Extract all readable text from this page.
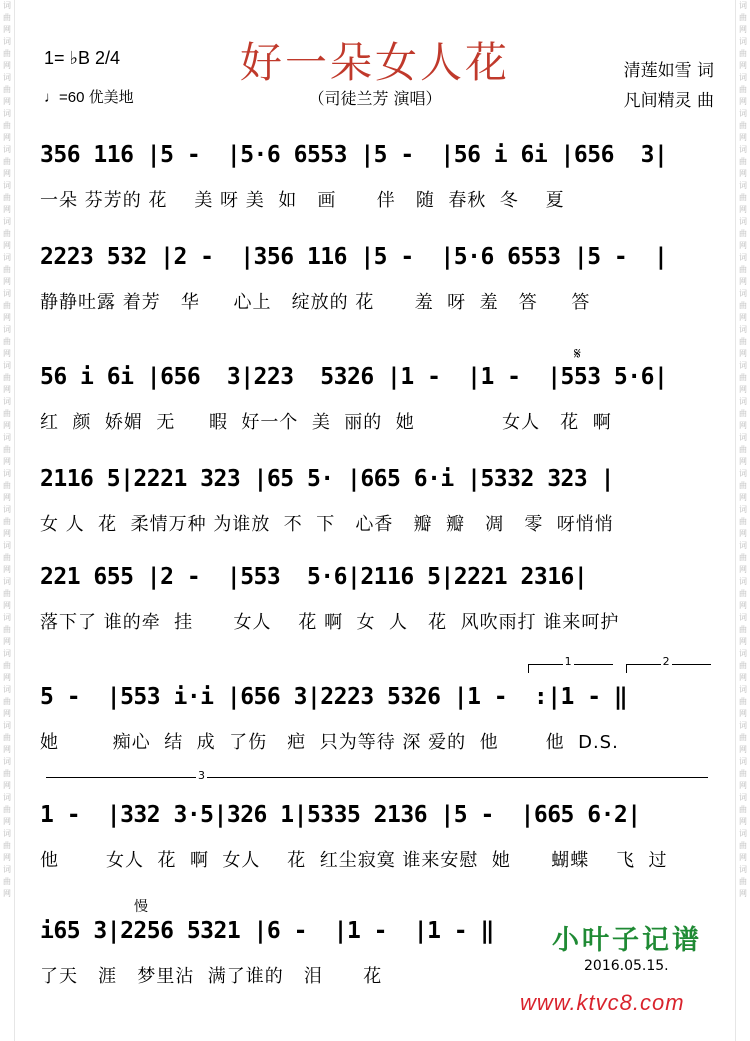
词曲网 词曲网 词曲网 词曲网 词曲网 词曲网 词曲网 词曲网 词曲网 词曲网 词曲网 词曲网 词曲网 词曲网 词曲网 词曲网 词曲网 词曲网 词曲网 词曲网 词曲网 词曲网 词曲网 词曲网 词曲网
词曲网 词曲网 词曲网 词曲网 词曲网 词曲网 词曲网 词曲网 词曲网 词曲网 词曲网 词曲网 词曲网 词曲网 词曲网 词曲网 词曲网 词曲网 词曲网 词曲网 词曲网 词曲网 词曲网 词曲网 词曲网
1= ♭B 2/4
♩=60 优美地
好一朵女人花
（司徒兰芳 演唱）
清莲如雪 词
凡间精灵 曲
356 116 |5 -  |5·6 6553 |5 -  |56 i 6i |656  3|
一朵 芬芳的 花    美 呀 美  如   画      伴   随  春秋  冬    夏
2223 532 |2 -  |356 116 |5 -  |5·6 6553 |5 -  |
静静吐露 着芳   华     心上   绽放的 花      羞  呀  羞   答     答
56 i 6i |656  3|223  5326 |1 -  |1 -  |553 5·6|
红  颜  娇媚  无     暇  好一个  美  丽的  她             女人   花  啊
𝄋
2116 5|2221 323 |65 5· |665 6·i |5332 323 |
女 人  花  柔情万种 为谁放  不  下   心香   瓣  瓣   凋   零  呀悄悄
221 655 |2 -  |553  5·6|2116 5|2221 2316|
落下了 谁的牵  挂      女人    花 啊  女  人   花  风吹雨打 谁来呵护
1	2
5 -  |553 i·i |656 3|2223 5326 |1 -  :|1 - ‖
她        痴心  结  成  了伤   疤  只为等待 深 爱的  他       他  D.S.
3
1 -  |332 3·5|326 1|5335 2136 |5 -  |665 6·2|
他       女人  花  啊  女人    花  红尘寂寞 谁来安慰  她      蝴蝶    飞  过
慢
i65 3|2256 5321 |6 -  |1 -  |1 - ‖
了天   涯   梦里沾  满了谁的   泪      花
小叶子记谱
2016.05.15.
www.ktvc8.com
